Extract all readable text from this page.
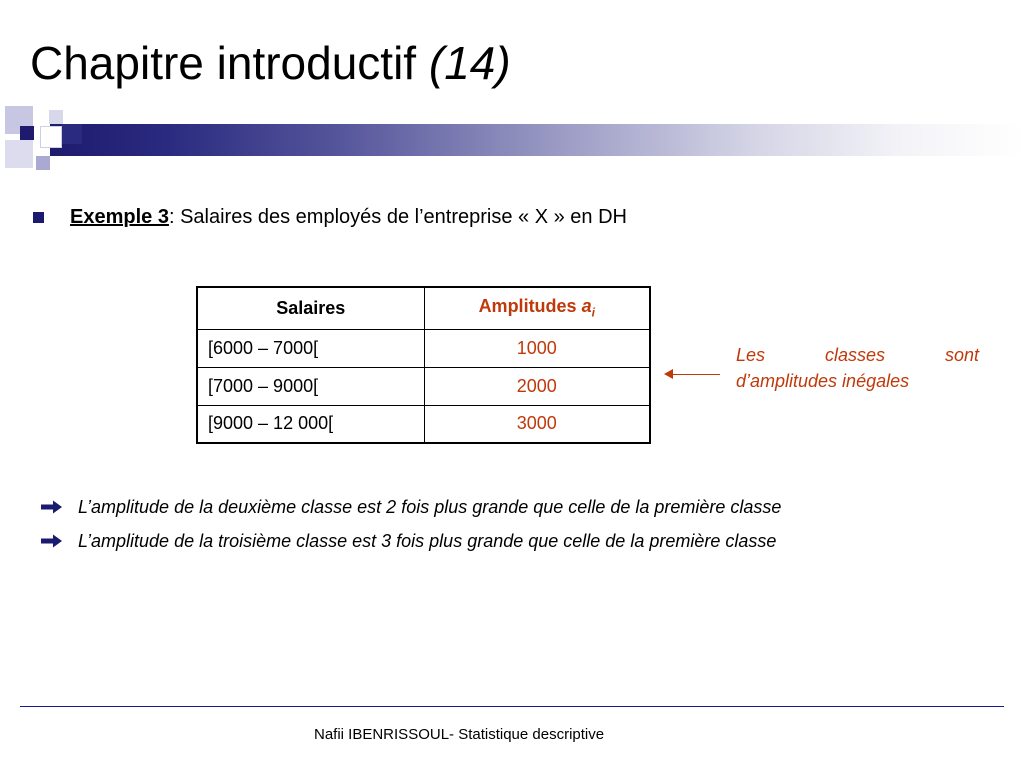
Chapitre introductif (14)
Exemple 3 : Salaires des employés de l’entreprise « X » en DH
Salaires	Amplitudes $a_i$
[6000 – 7000[	1000
[7000 – 9000[	2000
[9000 – 12 000[	3000
Les	classes	sont
d’amplitudes inégales
L’amplitude de la deuxième classe est 2 fois plus grande que celle de la première classe
L’amplitude de la troisième classe est 3 fois plus grande que celle de la première classe
Nafii IBENRISSOUL- Statistique descriptive
